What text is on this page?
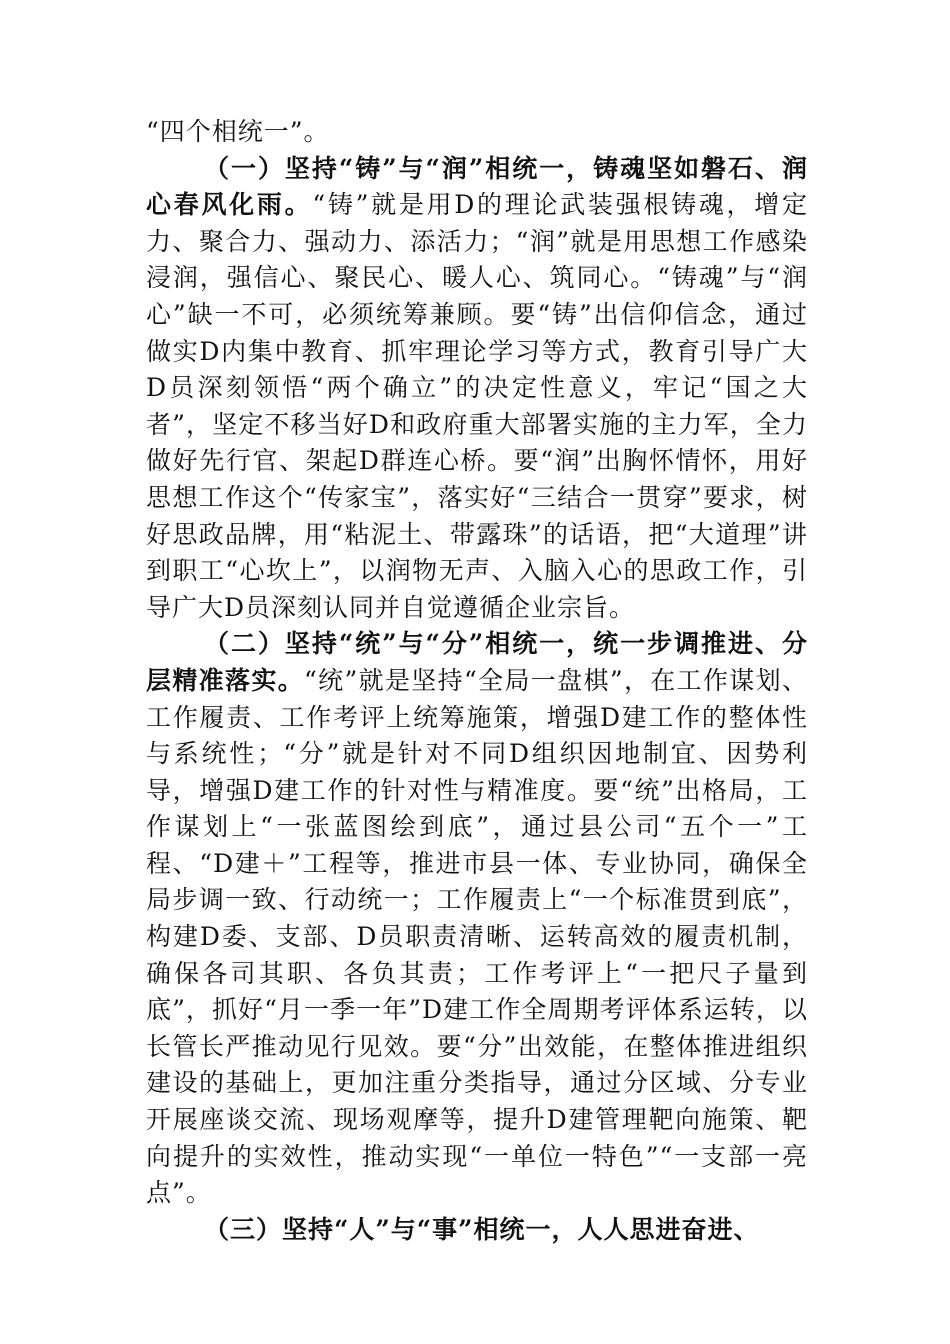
“四个相统一”。

（一）坚持“铸”与“润”相统一，铸魂坚如磐石、润心春风化雨。“铸”就是用D的理论武装强根铸魂，增定力、聚合力、强动力、添活力；“润”就是用思想工作感染浸润，强信心、聚民心、暖人心、筑同心。“铸魂”与“润心”缺一不可，必须统筹兼顾。要“铸”出信仰信念，通过做实D内集中教育、抓牢理论学习等方式，教育引导广大D员深刻领悟“两个确立”的决定性意义，牢记“国之大者”，坚定不移当好D和政府重大部署实施的主力军，全力做好先行官、架起D群连心桥。要“润”出胸怀情怀，用好思想工作这个“传家宝”，落实好“三结合一贯穿”要求，树好思政品牌，用“粘泥土、带露珠”的话语，把“大道理”讲到职工“心坎上”，以润物无声、入脑入心的思政工作，引导广大D员深刻认同并自觉遵循企业宗旨。

（二）坚持“统”与“分”相统一，统一步调推进、分层精准落实。“统”就是坚持“全局一盘棋”，在工作谋划、工作履责、工作考评上统筹施策，增强D建工作的整体性与系统性；“分”就是针对不同D组织因地制宜、因势利导，增强D建工作的针对性与精准度。要“统”出格局，工作谋划上“一张蓝图绘到底”，通过县公司“五个一”工程、“D建＋”工程等，推进市县一体、专业协同，确保全局步调一致、行动统一；工作履责上“一个标准贯到底”，构建D委、支部、D员职责清晰、运转高效的履责机制，确保各司其职、各负其责；工作考评上“一把尺子量到底”，抓好“月一季一年”D建工作全周期考评体系运转，以长管长严推动见行见效。要“分”出效能，在整体推进组织建设的基础上，更加注重分类指导，通过分区域、分专业开展座谈交流、现场观摩等，提升D建管理靶向施策、靶向提升的实效性，推动实现“一单位一特色”“一支部一亮点”。

（三）坚持“人”与“事”相统一，人人思进奋进、
